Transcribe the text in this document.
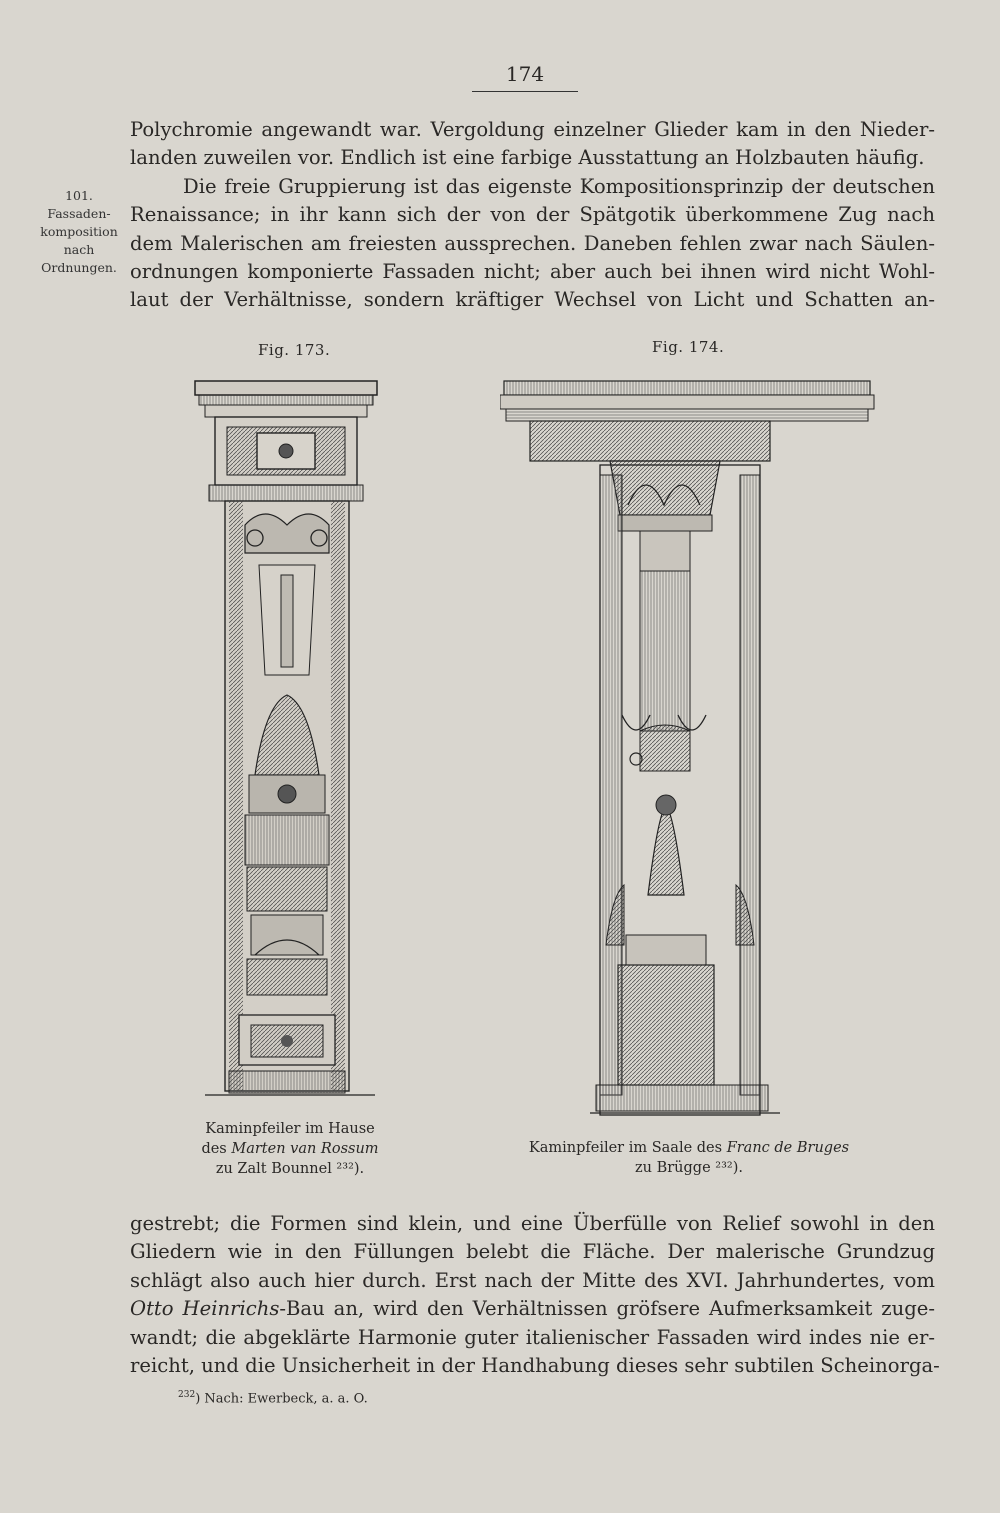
174
101.
Fassaden-
komposition
nach
Ordnungen.
Polychromie angewandt war. Vergoldung einzelner Glieder kam in den Nieder-
landen zuweilen vor. Endlich ist eine farbige Ausstattung an Holzbauten häufig.
Die freie Gruppierung ist das eigenste Kompositionsprinzip der deutschen
Renaissance; in ihr kann sich der von der Spätgotik überkommene Zug nach
dem Malerischen am freiesten aussprechen. Daneben fehlen zwar nach Säulen-
ordnungen komponierte Fassaden nicht; aber auch bei ihnen wird nicht Wohl-
laut der Verhältnisse, sondern kräftiger Wechsel von Licht und Schatten an-
Fig. 173.	Fig. 174.
Kaminpfeiler im Hause
des Marten van Rossum
zu Zalt Bounnel ²³²).
Kaminpfeiler im Saale des Franc de Bruges
zu Brügge ²³²).
gestrebt; die Formen sind klein, und eine Überfülle von Relief sowohl in den
Gliedern wie in den Füllungen belebt die Fläche. Der malerische Grundzug
schlägt also auch hier durch. Erst nach der Mitte des XVI. Jahrhundertes, vom
Otto Heinrichs-Bau an, wird den Verhältnissen gröfsere Aufmerksamkeit zuge-
wandt; die abgeklärte Harmonie guter italienischer Fassaden wird indes nie er-
reicht, und die Unsicherheit in der Handhabung dieses sehr subtilen Scheinorga-
$^{232}$) Nach: Ewerbeck, a. a. O.
